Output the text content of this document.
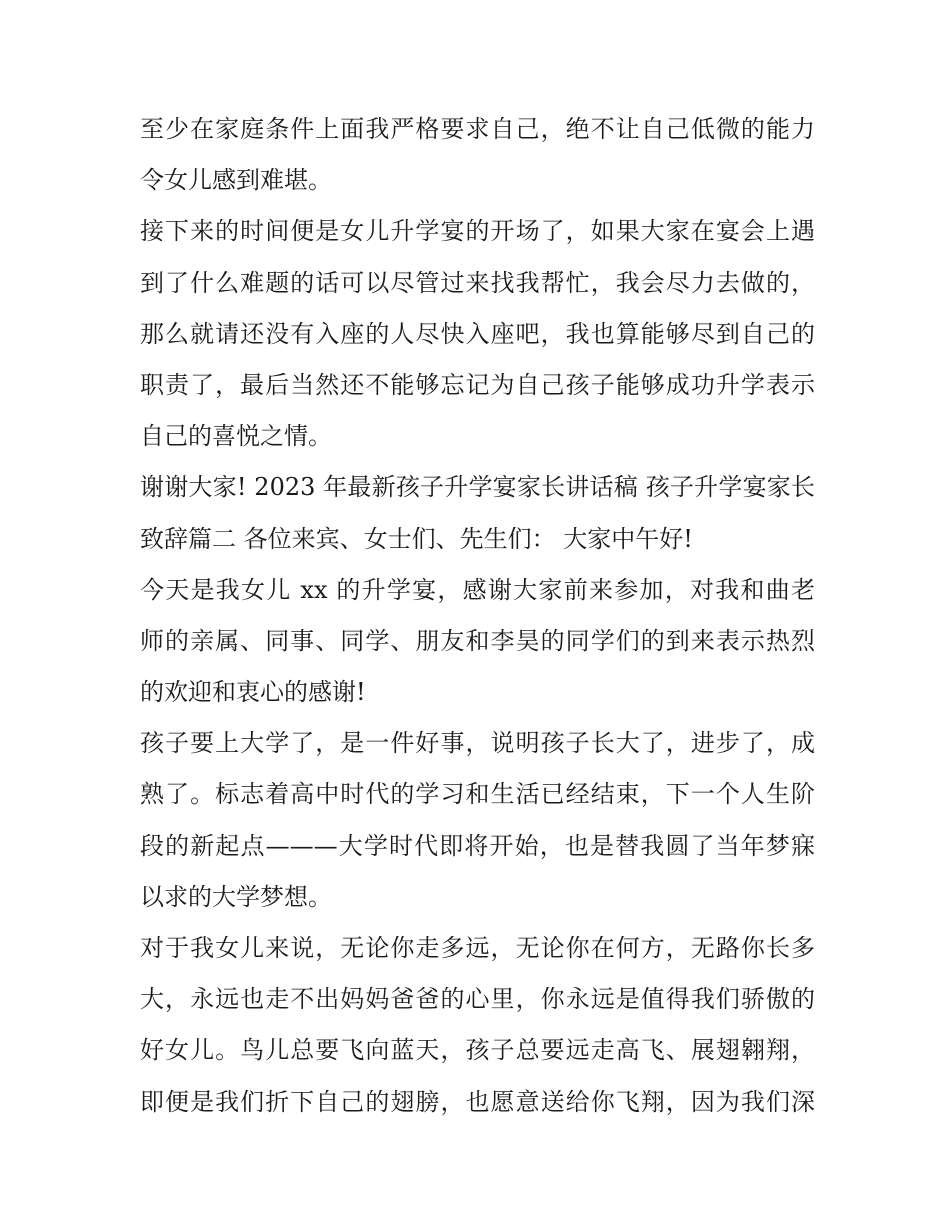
至少在家庭条件上面我严格要求自己，绝不让自己低微的能力
令女儿感到难堪。
接下来的时间便是女儿升学宴的开场了，如果大家在宴会上遇
到了什么难题的话可以尽管过来找我帮忙，我会尽力去做的，
那么就请还没有入座的人尽快入座吧，我也算能够尽到自己的
职责了，最后当然还不能够忘记为自己孩子能够成功升学表示
自己的喜悦之情。
谢谢大家! 2023 年最新孩子升学宴家长讲话稿 孩子升学宴家长
致辞篇二 各位来宾、女士们、先生们： 大家中午好!
今天是我女儿 xx 的升学宴，感谢大家前来参加，对我和曲老
师的亲属、同事、同学、朋友和李昊的同学们的到来表示热烈
的欢迎和衷心的感谢!
孩子要上大学了，是一件好事，说明孩子长大了，进步了，成
熟了。标志着高中时代的学习和生活已经结束，下一个人生阶
段的新起点———大学时代即将开始，也是替我圆了当年梦寐
以求的大学梦想。
对于我女儿来说，无论你走多远，无论你在何方，无路你长多
大，永远也走不出妈妈爸爸的心里，你永远是值得我们骄傲的
好女儿。鸟儿总要飞向蓝天，孩子总要远走高飞、展翅翱翔，
即便是我们折下自己的翅膀，也愿意送给你飞翔，因为我们深
